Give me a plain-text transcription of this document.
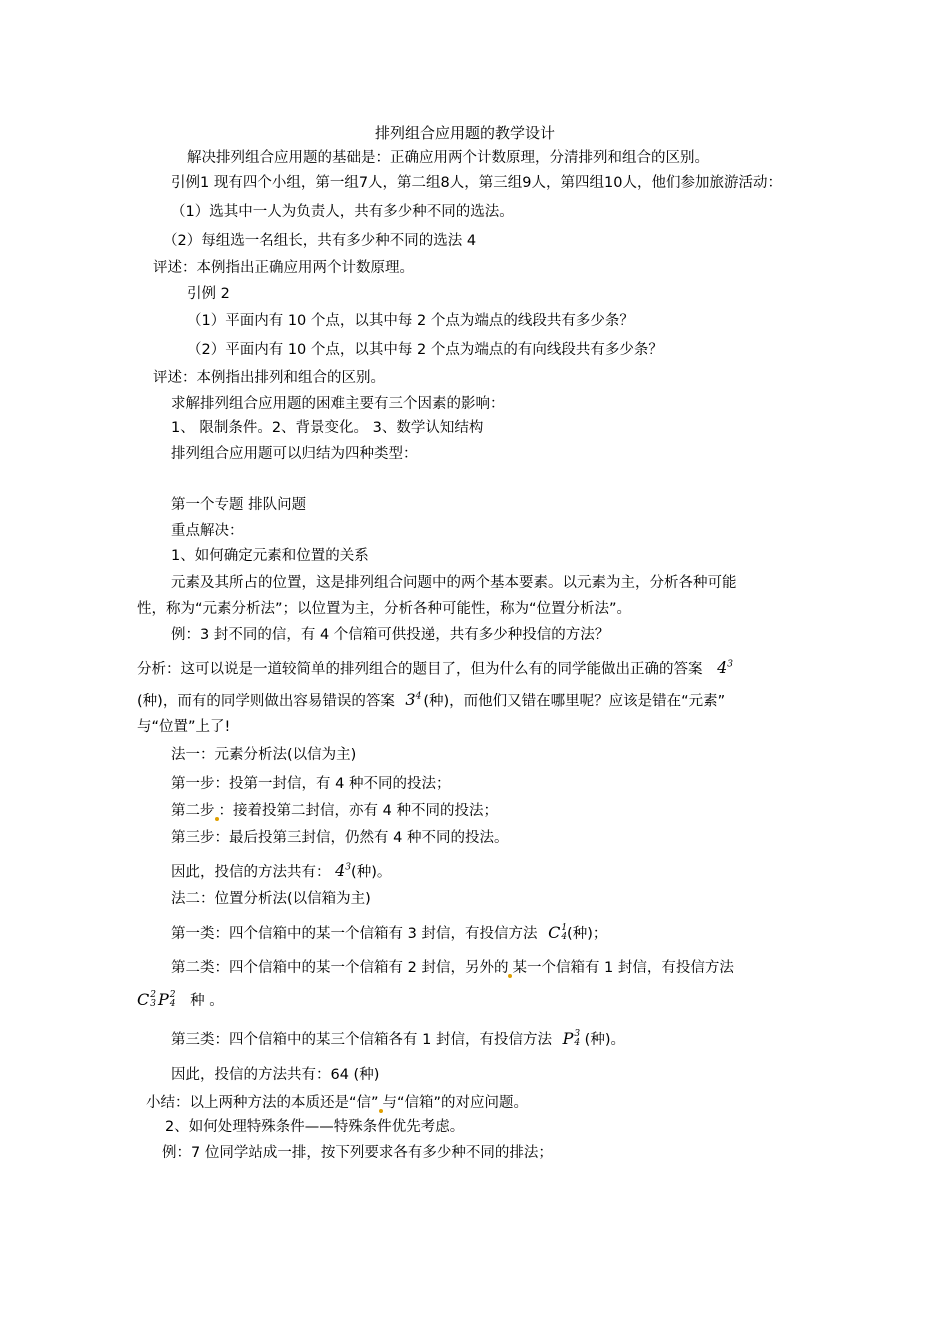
排列组合应用题的教学设计
解决排列组合应用题的基础是：正确应用两个计数原理，分清排列和组合的区别。
引例1 现有四个小组，第一组7人，第二组8人，第三组9人，第四组10人，他们参加旅游活动：
（1）选其中一人为负责人，共有多少种不同的选法。
（2）每组选一名组长，共有多少种不同的选法 4
评述：本例指出正确应用两个计数原理。
引例 2
（1）平面内有 10 个点，以其中每 2 个点为端点的线段共有多少条？
（2）平面内有 10 个点，以其中每 2 个点为端点的有向线段共有多少条？
评述：本例指出排列和组合的区别。
求解排列组合应用题的困难主要有三个因素的影响：
1、 限制条件。2、背景变化。 3、数学认知结构
排列组合应用题可以归结为四种类型：
第一个专题 排队问题
重点解决：
1、如何确定元素和位置的关系
元素及其所占的位置，这是排列组合问题中的两个基本要素。以元素为主，分析各种可能
性，称为“元素分析法”；以位置为主，分析各种可能性，称为“位置分析法”。
例：3 封不同的信，有 4 个信箱可供投递，共有多少种投信的方法？
分析：这可以说是一道较简单的排列组合的题目了，但为什么有的同学能做出正确的答案 $4^3$
(种)，而有的同学则做出容易错误的答案 $3^4$ (种)，而他们又错在哪里呢？应该是错在“元素”
与“位置”上了!
法一：元素分析法(以信为主)
第一步：投第一封信，有 4 种不同的投法；
第二步 ：接着投第二封信，亦有 4 种不同的投法；
第三步：最后投第三封信，仍然有 4 种不同的投法。
因此，投信的方法共有： $4^3$(种)。
法二：位置分析法(以信箱为主)
第一类：四个信箱中的某一个信箱有 3 封信，有投信方法 C 1
4 (种)；
第二类：四个信箱中的某一个信箱有 2 封信，另外的 某一个信箱有 1 封信，有投信方法
C 2
3 P 2
4 种 。
第三类：四个信箱中的某三个信箱各有 1 封信，有投信方法 P 3
4 (种)。
因此，投信的方法共有：64 (种)
小结：以上两种方法的本质还是“信” 与“信箱”的对应问题。
2、如何处理特殊条件——特殊条件优先考虑。
例：7 位同学站成一排，按下列要求各有多少种不同的排法；
